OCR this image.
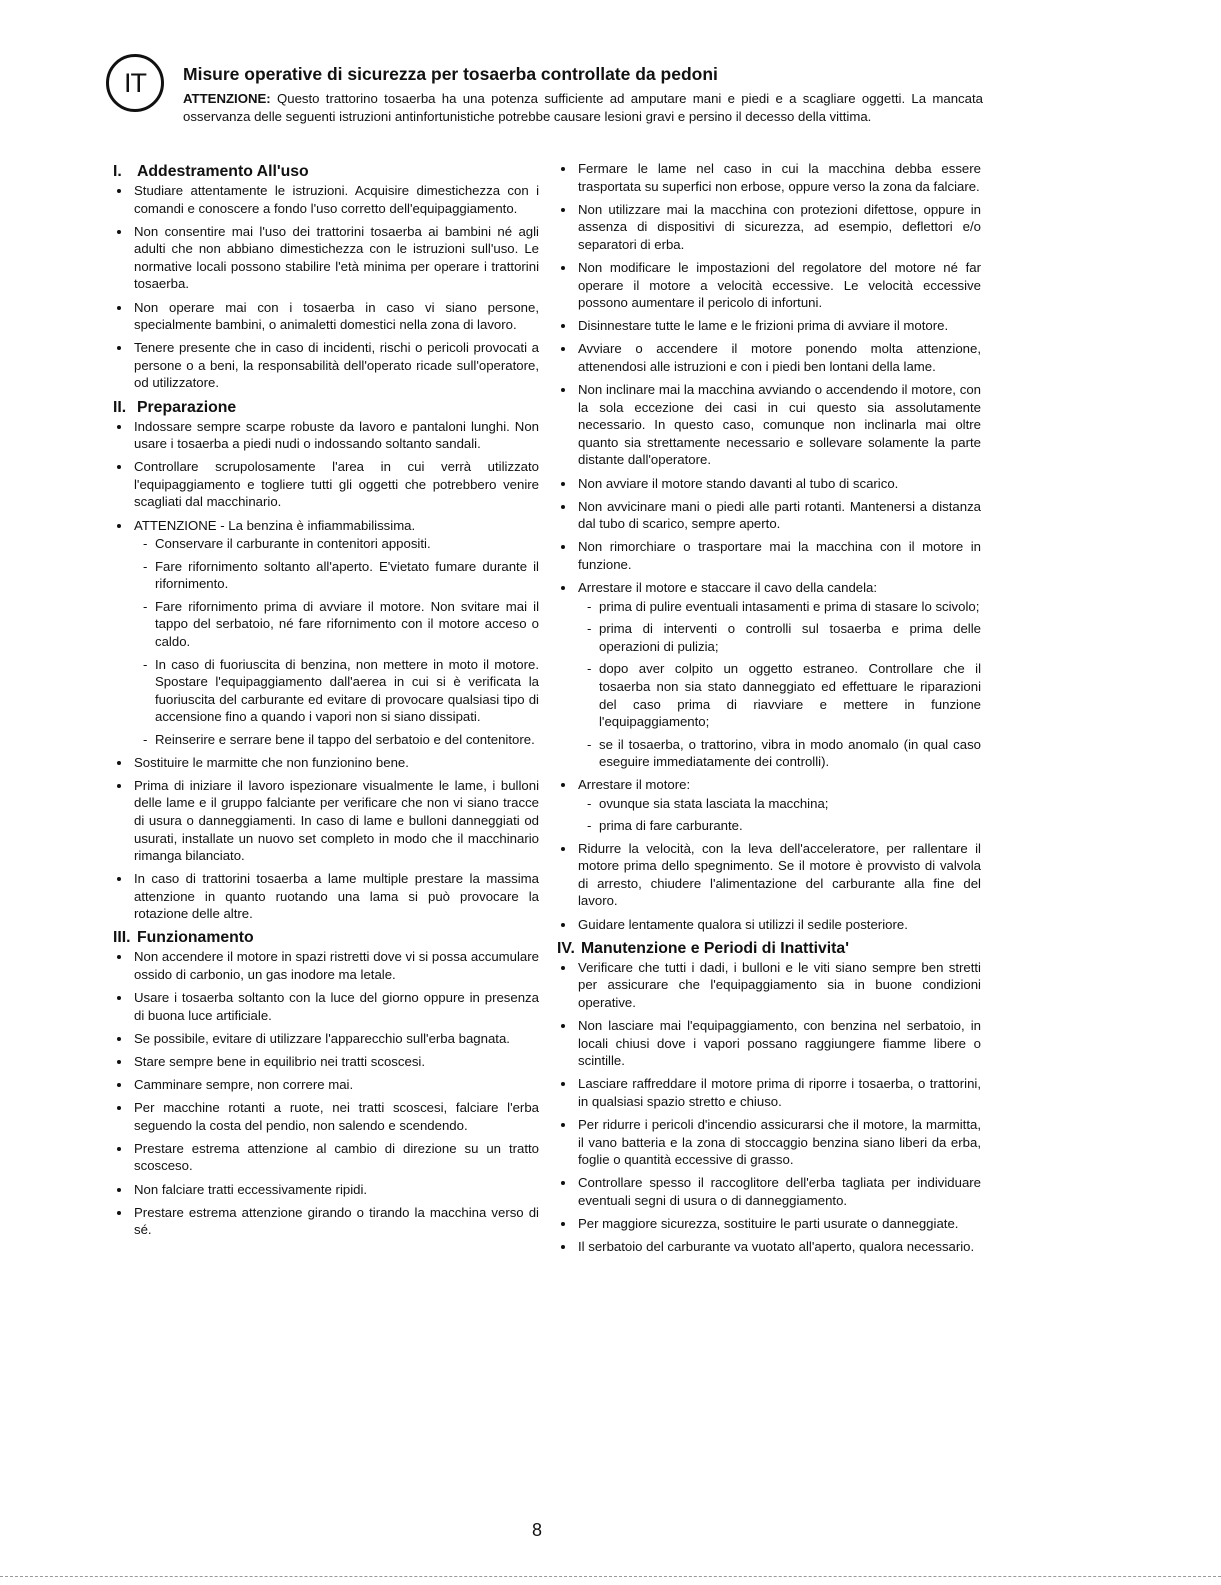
IT	Misure operative di sicurezza per tosaerba controllate da pedoni

ATTENZIONE: Questo trattorino tosaerba ha una potenza sufficiente ad amputare mani e piedi e a scagliare oggetti. La mancata osservanza delle seguenti istruzioni antinfortunistiche potrebbe causare lesioni gravi e persino il decesso della vittima.

I. Addestramento All'uso
Studiare attentamente le istruzioni. Acquisire dimestichezza con i comandi e conoscere a fondo l'uso corretto dell'equipaggiamento.
Non consentire mai l'uso dei trattorini tosaerba ai bambini né agli adulti che non abbiano dimestichezza con le istruzioni sull'uso. Le normative locali possono stabilire l'età minima per operare i trattorini tosaerba.
Non operare mai con i tosaerba in caso vi siano persone, specialmente bambini, o animaletti domestici nella zona di lavoro.
Tenere presente che in caso di incidenti, rischi o pericoli provocati a persone o a beni, la responsabilità dell'operato ricade sull'operatore, od utilizzatore.
II. Preparazione
Indossare sempre scarpe robuste da lavoro e pantaloni lunghi. Non usare i tosaerba a piedi nudi o indossando soltanto sandali.
Controllare scrupolosamente l'area in cui verrà utilizzato l'equipaggiamento e togliere tutti gli oggetti che potrebbero venire scagliati dal macchinario.
ATTENZIONE - La benzina è infiammabilissima.
- Conservare il carburante in contenitori appositi.
- Fare rifornimento soltanto all'aperto. E'vietato fumare durante il rifornimento.
- Fare rifornimento prima di avviare il motore. Non svitare mai il tappo del serbatoio, né fare rifornimento con il motore acceso o caldo.
- In caso di fuoriuscita di benzina, non mettere in moto il motore. Spostare l'equipaggiamento dall'aerea in cui si è verificata la fuoriuscita del carburante ed evitare di provocare qualsiasi tipo di accensione fino a quando i vapori non si siano dissipati.
- Reinserire e serrare bene il tappo del serbatoio e del contenitore.
Sostituire le marmitte che non funzionino bene.
Prima di iniziare il lavoro ispezionare visualmente le lame, i bulloni delle lame e il gruppo falciante per verificare che non vi siano tracce di usura o danneggiamenti. In caso di lame e bulloni danneggiati od usurati, installate un nuovo set completo in modo che il macchinario rimanga bilanciato.
In caso di trattorini tosaerba a lame multiple prestare la massima attenzione in quanto ruotando una lama si può provocare la rotazione delle altre.
III. Funzionamento
Non accendere il motore in spazi ristretti dove vi si possa accumulare ossido di carbonio, un gas inodore ma letale.
Usare i tosaerba soltanto con la luce del giorno oppure in presenza di buona luce artificiale.
Se possibile, evitare di utilizzare l'apparecchio sull'erba bagnata.
Stare sempre bene in equilibrio nei tratti scoscesi.
Camminare sempre, non correre mai.
Per macchine rotanti a ruote, nei tratti scoscesi, falciare l'erba seguendo la costa del pendio, non salendo e scendendo.
Prestare estrema attenzione al cambio di direzione su un tratto scosceso.
Non falciare tratti eccessivamente ripidi.
Prestare estrema attenzione girando o tirando la macchina verso di sé.
Fermare le lame nel caso in cui la macchina debba essere trasportata su superfici non erbose, oppure verso la zona da falciare.
Non utilizzare mai la macchina con protezioni difettose, oppure in assenza di dispositivi di sicurezza, ad esempio, deflettori e/o separatori di erba.
Non modificare le impostazioni del regolatore del motore né far operare il motore a velocità eccessive. Le velocità eccessive possono aumentare il pericolo di infortuni.
Disinnestare tutte le lame e le frizioni prima di avviare il motore.
Avviare o accendere il motore ponendo molta attenzione, attenendosi alle istruzioni e con i piedi ben lontani della lame.
Non inclinare mai la macchina avviando o accendendo il motore, con la sola eccezione dei casi in cui questo sia assolutamente necessario. In questo caso, comunque non inclinarla mai oltre quanto sia strettamente necessario e sollevare solamente la parte distante dall'operatore.
Non avviare il motore stando davanti al tubo di scarico.
Non avvicinare mani o piedi alle parti rotanti. Mantenersi a distanza dal tubo di scarico, sempre aperto.
Non rimorchiare o trasportare mai la macchina con il motore in funzione.
Arrestare il motore e staccare il cavo della candela:
- prima di pulire eventuali intasamenti e prima di stasare lo scivolo;
- prima di interventi o controlli sul tosaerba e prima delle operazioni di pulizia;
- dopo aver colpito un oggetto estraneo. Controllare che il tosaerba non sia stato danneggiato ed effettuare le riparazioni del caso prima di riavviare e mettere in funzione l'equipaggiamento;
- se il tosaerba, o trattorino, vibra in modo anomalo (in qual caso eseguire immediatamente dei controlli).
Arrestare il motore:
- ovunque sia stata lasciata la macchina;
- prima di fare carburante.
Ridurre la velocità, con la leva dell'acceleratore, per rallentare il motore prima dello spegnimento. Se il motore è provvisto di valvola di arresto, chiudere l'alimentazione del carburante alla fine del lavoro.
Guidare lentamente qualora si utilizzi il sedile posteriore.
IV. Manutenzione e Periodi di Inattivita'
Verificare che tutti i dadi, i bulloni e le viti siano sempre ben stretti per assicurare che l'equipaggiamento sia in buone condizioni operative.
Non lasciare mai l'equipaggiamento, con benzina nel serbatoio, in locali chiusi dove i vapori possano raggiungere fiamme libere o scintille.
Lasciare raffreddare il motore prima di riporre i tosaerba, o trattorini, in qualsiasi spazio stretto e chiuso.
Per ridurre i pericoli d'incendio assicurarsi che il motore, la marmitta, il vano batteria e la zona di stoccaggio benzina siano liberi da erba, foglie o quantità eccessive di grasso.
Controllare spesso il raccoglitore dell'erba tagliata per individuare eventuali segni di usura o di danneggiamento.
Per maggiore sicurezza, sostituire le parti usurate o danneggiate.
Il serbatoio del carburante va vuotato all'aperto, qualora necessario.
8
